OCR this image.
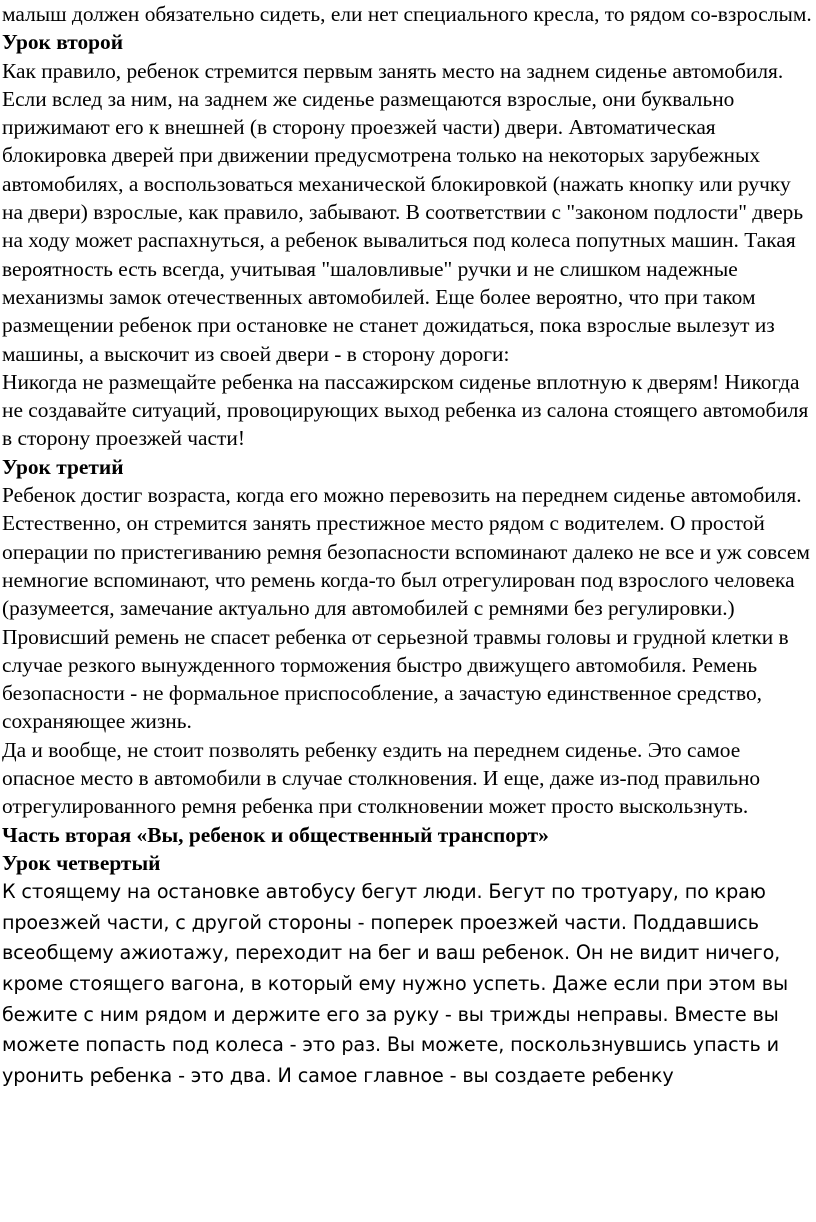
малыш должен обязательно сидеть, ели нет специального кресла, то рядом со-взрослым.

Урок второй

Как правило, ребенок стремится первым занять место на заднем сиденье автомобиля. Если вслед за ним, на заднем же сиденье размещаются взрослые, они буквально прижимают его к внешней (в сторону проезжей части) двери. Автоматическая блокировка дверей при движении предусмотрена только на некоторых зарубежных автомобилях, а воспользоваться механической блокировкой (нажать кнопку или ручку на двери) взрослые, как правило, забывают. В соответствии с "законом подлости" дверь на ходу может распахнуться, а ребенок вывалиться под колеса попутных машин. Такая вероятность есть всегда, учитывая "шаловливые" ручки и не слишком надежные механизмы замок отечественных автомобилей. Еще более вероятно, что при таком размещении ребенок при остановке не станет дожидаться, пока взрослые вылезут из машины, а выскочит из своей двери - в сторону дороги:

Никогда не размещайте ребенка на пассажирском сиденье вплотную к дверям! Никогда не создавайте ситуаций, провоцирующих выход ребенка из салона стоящего автомобиля в сторону проезжей части!

Урок третий

Ребенок достиг возраста, когда его можно перевозить на переднем сиденье автомобиля. Естественно, он стремится занять престижное место рядом с водителем. О простой операции по пристегиванию ремня безопасности вспоминают далеко не все и уж совсем немногие вспоминают, что ремень когда-то был отрегулирован под взрослого человека (разумеется, замечание актуально для автомобилей с ремнями без регулировки.)

Провисший ремень не спасет ребенка от серьезной травмы головы и грудной клетки в случае резкого вынужденного торможения быстро движущего автомобиля. Ремень безопасности - не формальное приспособление, а зачастую единственное средство, сохраняющее жизнь.

Да и вообще, не стоит позволять ребенку ездить на переднем сиденье. Это самое опасное место в автомобили в случае столкновения. И еще, даже из-под правильно отрегулированного ремня ребенка при столкновении может просто выскользнуть.

Часть вторая «Вы, ребенок и общественный транспорт»

Урок четвертый

К стоящему на остановке автобусу бегут люди. Бегут по тротуару, по краю проезжей части, с другой стороны - поперек проезжей части. Поддавшись всеобщему ажиотажу, переходит на бег и ваш ребенок. Он не видит ничего, кроме стоящего вагона, в который ему нужно успеть. Даже если при этом вы бежите с ним рядом и держите его за руку - вы трижды неправы. Вместе вы можете попасть под колеса - это раз. Вы можете, поскользнувшись упасть и уронить ребенка - это два. И самое главное - вы создаете ребенку
